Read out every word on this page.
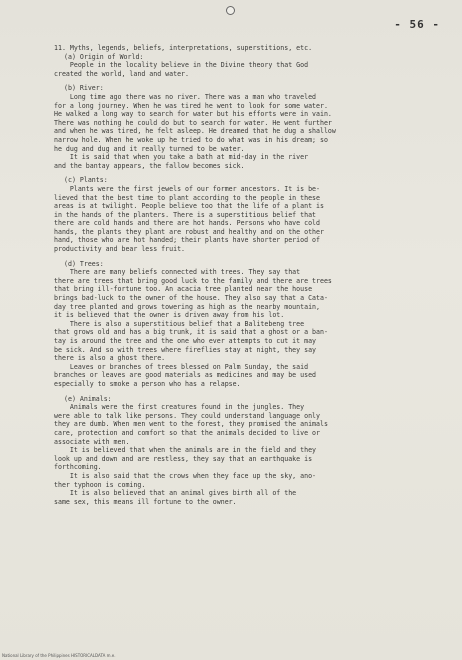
- 56 -
11. Myths, legends, beliefs, interpretations, superstitions, etc.
(a) Origin of World:
People in the locality believe in the Divine theory that God
created the world, land and water.
(b) River:
Long time ago there was no river. There was a man who traveled
for a long journey. When he was tired he went to look for some water.
He walked a long way to search for water but his efforts were in vain.
There was nothing he could do but to search for water. He went further
and when he was tired, he felt asleep. He dreamed that he dug a shallow
narrow hole. When he woke up he tried to do what was in his dream; so
he dug and dug and it really turned to be water.
It is said that when you take a bath at mid-day in the river
and the bantay appears, the fallow becomes sick.
(c) Plants:
Plants were the first jewels of our former ancestors. It is be-
lieved that the best time to plant according to the people in these
areas is at twilight. People believe too that the life of a plant is
in the hands of the planters. There is a superstitious belief that
there are cold hands and there are hot hands. Persons who have cold
hands, the plants they plant are robust and healthy and on the other
hand, those who are hot handed; their plants have shorter period of
productivity and bear less fruit.
(d) Trees:
There are many beliefs connected with trees. They say that
there are trees that bring good luck to the family and there are trees
that bring ill-fortune too. An acacia tree planted near the house
brings bad-luck to the owner of the house. They also say that a Cata-
day tree planted and grows towering as high as the nearby mountain,
it is believed that the owner is driven away from his lot.
There is also a superstitious belief that a Balitebeng tree
that grows old and has a big trunk, it is said that a ghost or a ban-
tay is around the tree and the one who ever attempts to cut it may
be sick. And so with trees where fireflies stay at night, they say
there is also a ghost there.
Leaves or branches of trees blessed on Palm Sunday, the said
branches or leaves are good materials as medicines and may be used
especially to smoke a person who has a relapse.
(e) Animals:
Animals were the first creatures found in the jungles. They
were able to talk like persons. They could understand language only
they are dumb. When men went to the forest, they promised the animals
care, protection and comfort so that the animals decided to live or
associate with men.
It is believed that when the animals are in the field and they
look up and down and are restless, they say that an earthquake is
forthcoming.
It is also said that the crows when they face up the sky, ano-
ther typhoon is coming.
It is also believed that an animal gives birth all of the
same sex, this means ill fortune to the owner.
National Library of the Philippines HISTORICALDATA m.e.
